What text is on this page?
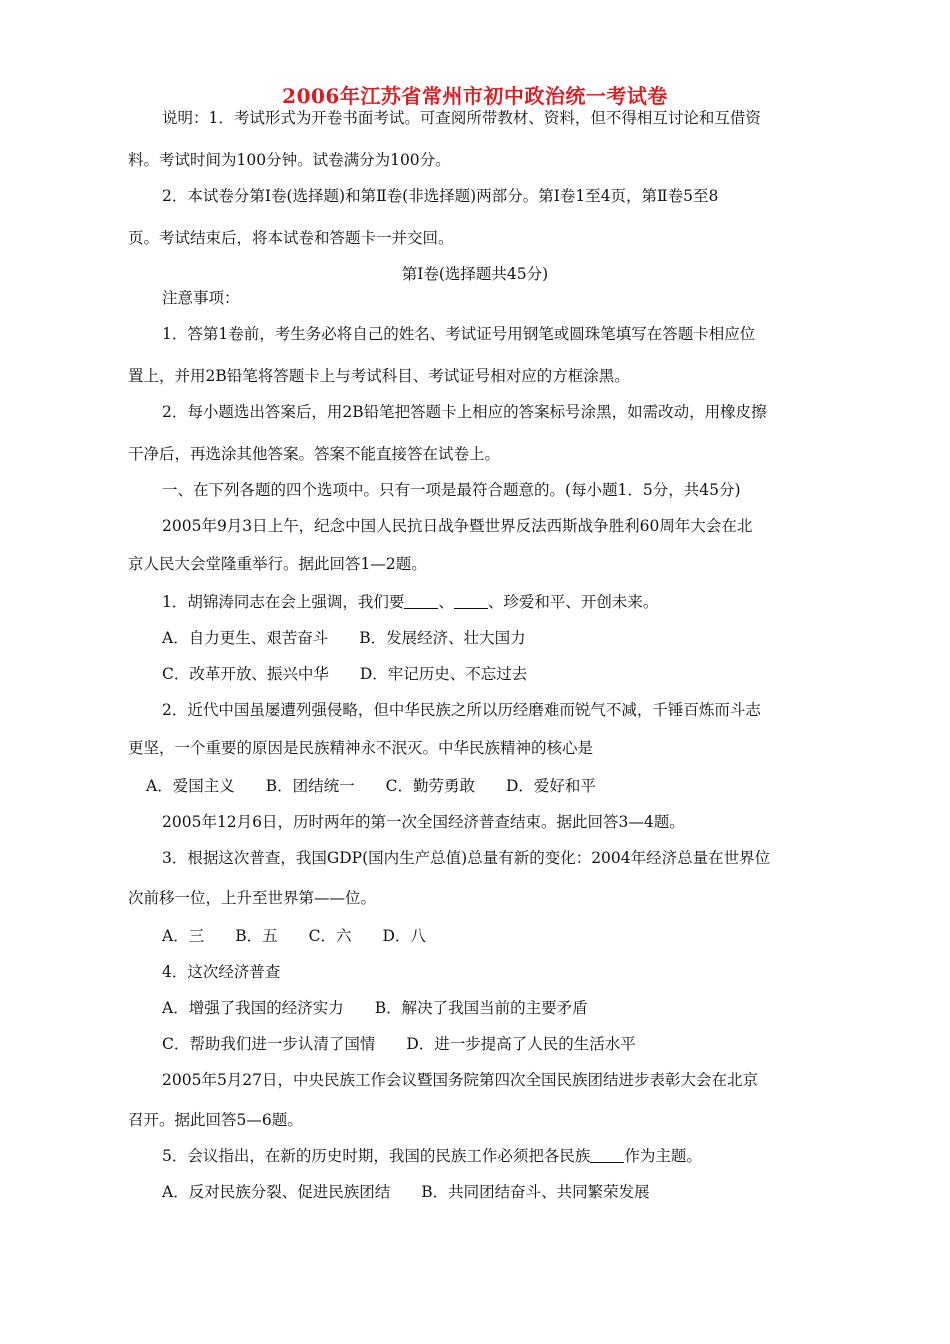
2006年江苏省常州市初中政治统一考试卷
说明：1．考试形式为开卷书面考试。可查阅所带教材、资料，但不得相互讨论和互借资
料。考试时间为100分钟。试卷满分为100分。
2．本试卷分第Ⅰ卷(选择题)和第Ⅱ卷(非选择题)两部分。第Ⅰ卷1至4页，第Ⅱ卷5至8
页。考试结束后，将本试卷和答题卡一并交回。
第Ⅰ卷(选择题共45分)
注意事项：
1．答第1卷前，考生务必将自己的姓名、考试证号用钢笔或圆珠笔填写在答题卡相应位
置上，并用2B铅笔将答题卡上与考试科目、考试证号相对应的方框涂黑。
2．每小题选出答案后，用2B铅笔把答题卡上相应的答案标号涂黑，如需改动，用橡皮擦
干净后，再选涂其他答案。答案不能直接答在试卷上。
一、在下列各题的四个选项中。只有一项是最符合题意的。(每小题1．5分，共45分)
2005年9月3日上午，纪念中国人民抗日战争暨世界反法西斯战争胜利60周年大会在北
京人民大会堂隆重举行。据此回答1—2题。
1．胡锦涛同志在会上强调，我们要 、 、珍爱和平、开创未来。
A．自力更生、艰苦奋斗　　B．发展经济、壮大国力
C．改革开放、振兴中华　　D．牢记历史、不忘过去
2．近代中国虽屡遭列强侵略，但中华民族之所以历经磨难而锐气不减，千锤百炼而斗志
更坚，一个重要的原因是民族精神永不泯灭。中华民族精神的核心是
A．爱国主义　　B．团结统一　　C．勤劳勇敢　　D．爱好和平
2005年12月6日，历时两年的第一次全国经济普查结束。据此回答3—4题。
3．根据这次普查，我国GDP(国内生产总值)总量有新的变化：2004年经济总量在世界位
次前移一位，上升至世界第——位。
A．三　　B．五　　C．六　　D．八
4．这次经济普查
A．增强了我国的经济实力　　B．解决了我国当前的主要矛盾
C．帮助我们进一步认清了国情　　D．进一步提高了人民的生活水平
2005年5月27日，中央民族工作会议暨国务院第四次全国民族团结进步表彰大会在北京
召开。据此回答5—6题。
5．会议指出，在新的历史时期，我国的民族工作必须把各民族 作为主题。
A．反对民族分裂、促进民族团结　　B．共同团结奋斗、共同繁荣发展
